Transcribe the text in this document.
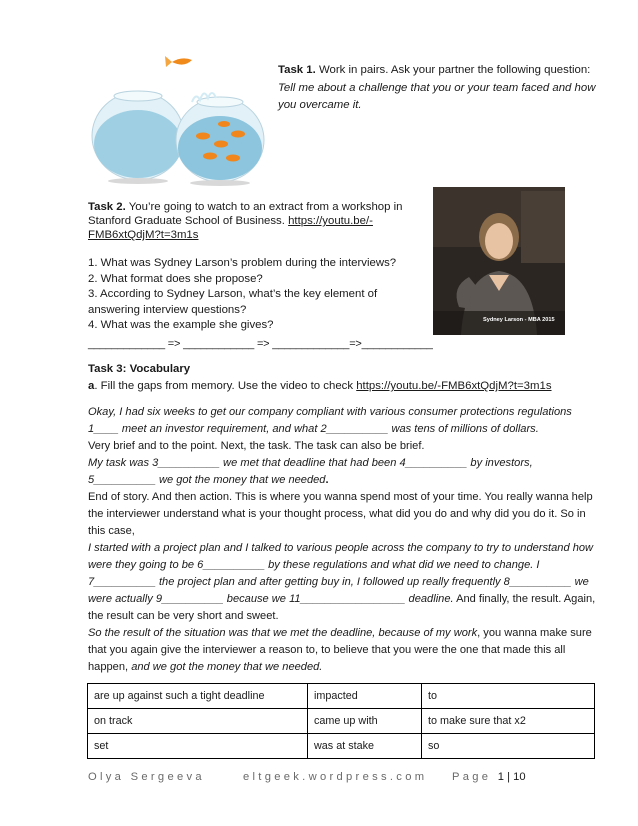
Task 1. Work in pairs. Ask your partner the following question:

Tell me about a challenge that you or your team faced and how you overcame it.

Task 2. You’re going to watch to an extract from a workshop in Stanford Graduate School of Business. https://youtu.be/-FMB6xtQdjM?t=3m1s

1. What was Sydney Larson’s problem during the interviews?

2. What format does she propose?

3. According to Sydney Larson, what’s the key element of answering interview questions?

4. What was the example she gives?	Sydney Larson - MBA 2015
_____________ => ____________ => _____________=>____________

Task 3: Vocabulary

a. Fill the gaps from memory. Use the video to check https://youtu.be/-FMB6xtQdjM?t=3m1s

Okay, I had six weeks to get our company compliant with various consumer protections regulations 1____ meet an investor requirement, and what 2__________ was tens of millions of dollars.

Very brief and to the point. Next, the task. The task can also be brief.

My task was 3__________ we met that deadline that had been 4__________ by investors, 5__________ we got the money that we needed.

End of story. And then action. This is where you wanna spend most of your time. You really wanna help the interviewer understand what is your thought process, what did you do and why did you do it. So in this case,

I started with a project plan and I talked to various people across the company to try to understand how were they going to be 6__________ by these regulations and what did we need to change. I 7__________ the project plan and after getting buy in, I followed up really frequently 8__________ we were actually 9__________ because we 11_________________ deadline. And finally, the result. Again, the result can be very short and sweet.

So the result of the situation was that we met the deadline, because of my work, you wanna make sure that you again give the interviewer a reason to, to believe that you were the one that made this all happen, and we got the money that we needed.

are up against such a tight deadline	impacted	to
on track	came up with	to make sure that x2
set	was at stake	so
Olya Sergeeva	eltgeek.wordpress.com Page 1 | 10
